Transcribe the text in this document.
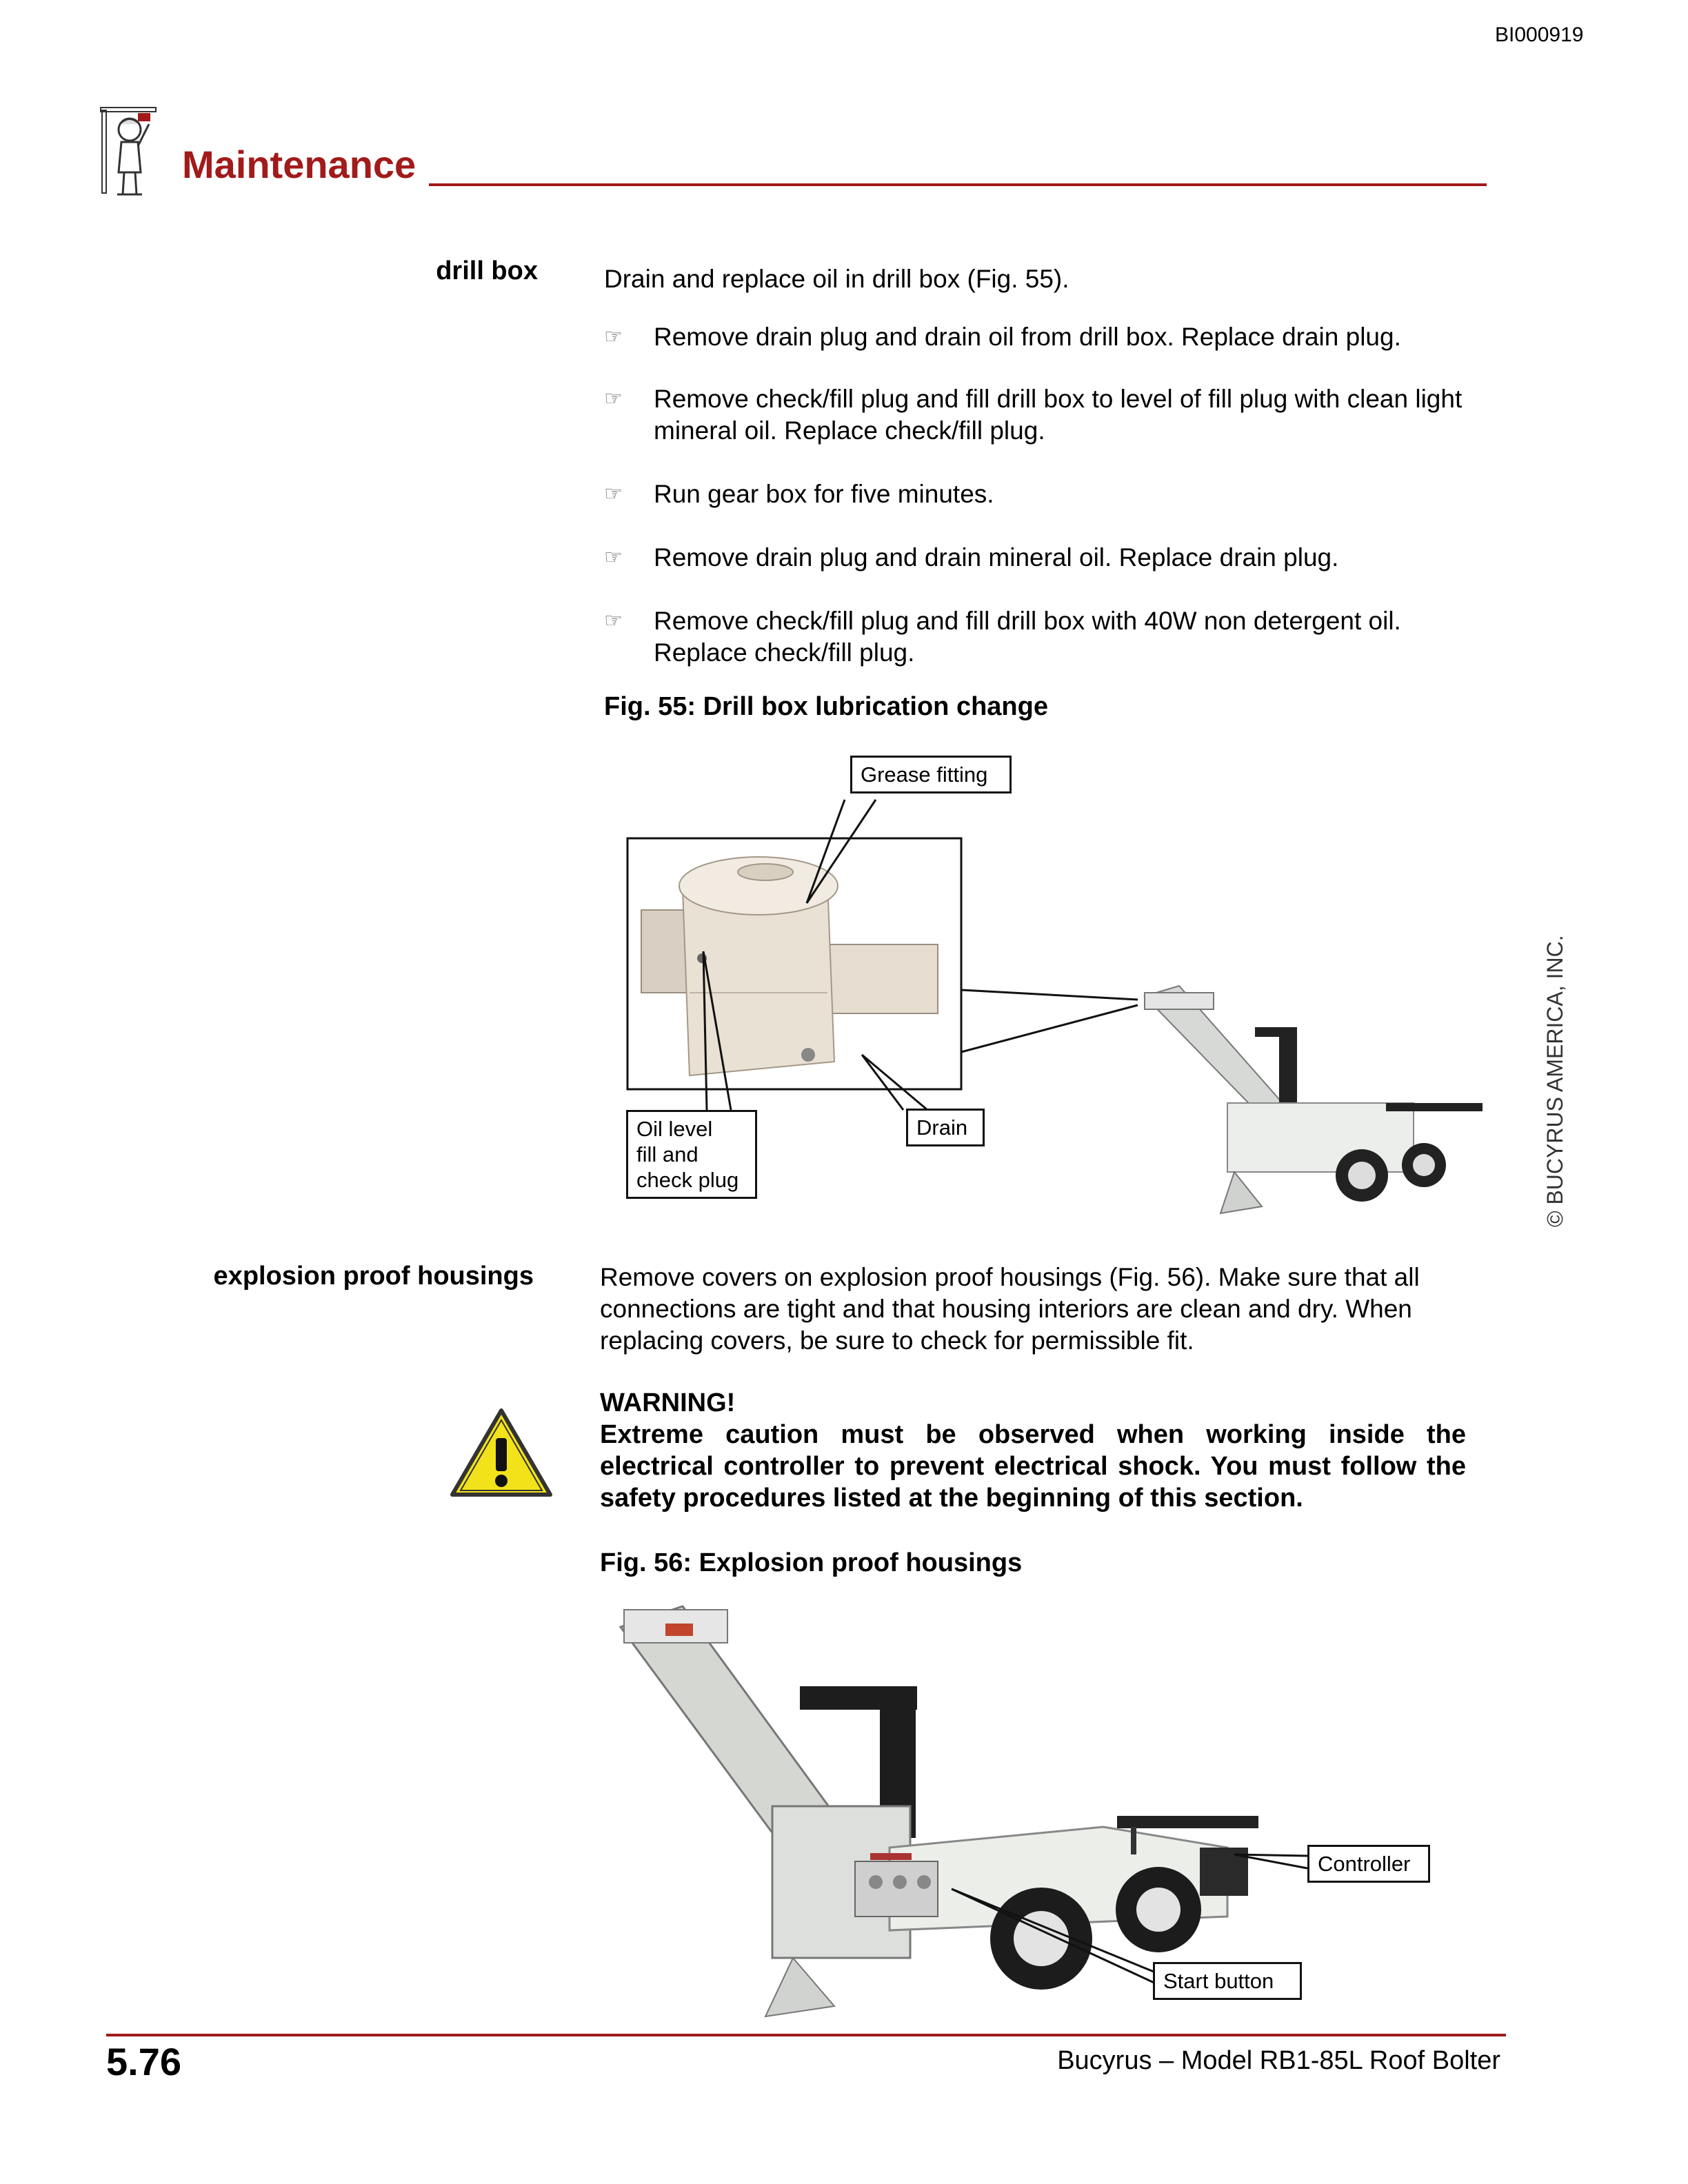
BI000919
Maintenance
drill box	Drain and replace oil in drill box (Fig. 55).
☞ Remove drain plug and drain oil from drill box. Replace drain plug.
☞ Remove check/fill plug and fill drill box to level of fill plug with clean light mineral oil. Replace check/fill plug.
☞ Run gear box for five minutes.
☞ Remove drain plug and drain mineral oil. Replace drain plug.
☞ Remove check/fill plug and fill drill box with 40W non detergent oil. Replace check/fill plug.
Fig. 55: Drill box lubrication change
Grease fitting
Oil level
fill and
check plug
Drain
explosion proof housings	Remove covers on explosion proof housings (Fig. 56). Make sure that all connections are tight and that housing interiors are clean and dry. When replacing covers, be sure to check for permissible fit.
WARNING!
Extreme caution must be observed when working inside the electrical controller to prevent electrical shock. You must follow the safety procedures listed at the beginning of this section.
Fig. 56: Explosion proof housings
Controller
Start button
© BUCYRUS AMERICA, INC.
5.76	Bucyrus – Model RB1-85L Roof Bolter
